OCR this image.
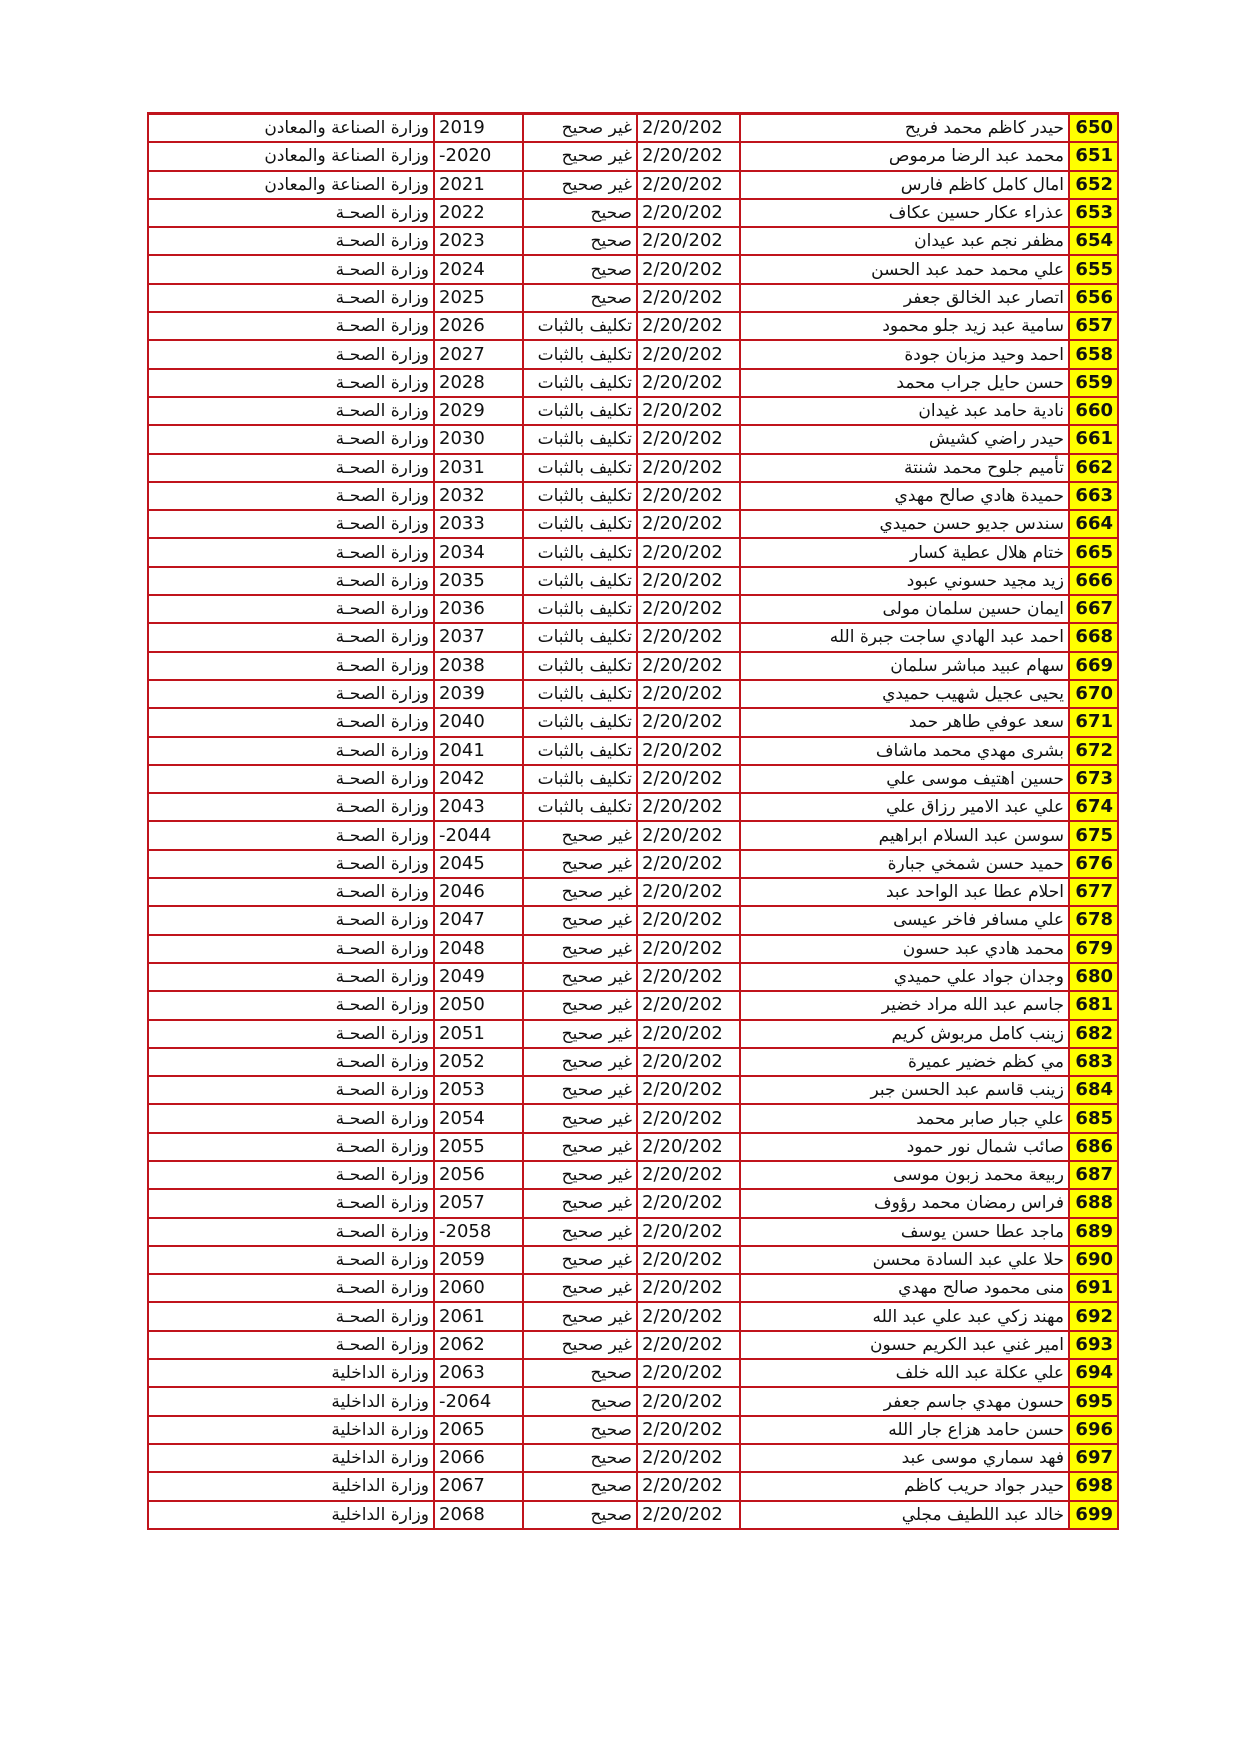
وزارة الصناعة والمعادن	2019	غير صحيح	2/20/202	حيدر كاظم محمد فريح	650
وزارة الصناعة والمعادن	-2020	غير صحيح	2/20/202	محمد عبد الرضا مرموص	651
وزارة الصناعة والمعادن	2021	غير صحيح	2/20/202	امال كامل كاظم فارس	652
وزارة الصحـة	2022	صحيح	2/20/202	عذراء عكار حسين عكاف	653
وزارة الصحـة	2023	صحيح	2/20/202	مظفر نجم عبد عيدان	654
وزارة الصحـة	2024	صحيح	2/20/202	علي محمد حمد عبد الحسن	655
وزارة الصحـة	2025	صحيح	2/20/202	اتصار عبد الخالق جعفر	656
وزارة الصحـة	2026	تكليف بالثبات	2/20/202	سامية عبد زيد جلو محمود	657
وزارة الصحـة	2027	تكليف بالثبات	2/20/202	احمد وحيد مزبان جودة	658
وزارة الصحـة	2028	تكليف بالثبات	2/20/202	حسن حايل جراب محمد	659
وزارة الصحـة	2029	تكليف بالثبات	2/20/202	نادية حامد عبد غيدان	660
وزارة الصحـة	2030	تكليف بالثبات	2/20/202	حيدر راضي كشيش	661
وزارة الصحـة	2031	تكليف بالثبات	2/20/202	تأميم جلوح محمد شنتة	662
وزارة الصحـة	2032	تكليف بالثبات	2/20/202	حميدة هادي صالح مهدي	663
وزارة الصحـة	2033	تكليف بالثبات	2/20/202	سندس جديو حسن حميدي	664
وزارة الصحـة	2034	تكليف بالثبات	2/20/202	ختام هلال عطية كسار	665
وزارة الصحـة	2035	تكليف بالثبات	2/20/202	زيد مجيد حسوني عبود	666
وزارة الصحـة	2036	تكليف بالثبات	2/20/202	ايمان حسين سلمان مولى	667
وزارة الصحـة	2037	تكليف بالثبات	2/20/202	احمد عبد الهادي ساجت جبرة الله	668
وزارة الصحـة	2038	تكليف بالثبات	2/20/202	سهام عبيد مباشر سلمان	669
وزارة الصحـة	2039	تكليف بالثبات	2/20/202	يحيى عجيل شهيب حميدي	670
وزارة الصحـة	2040	تكليف بالثبات	2/20/202	سعد عوفي طاهر حمد	671
وزارة الصحـة	2041	تكليف بالثبات	2/20/202	بشرى مهدي محمد ماشاف	672
وزارة الصحـة	2042	تكليف بالثبات	2/20/202	حسين اهتيف موسى علي	673
وزارة الصحـة	2043	تكليف بالثبات	2/20/202	علي عبد الامير رزاق علي	674
وزارة الصحـة	-2044	غير صحيح	2/20/202	سوسن عبد السلام ابراهيم	675
وزارة الصحـة	2045	غير صحيح	2/20/202	حميد حسن شمخي جبارة	676
وزارة الصحـة	2046	غير صحيح	2/20/202	احلام عطا عبد الواحد عبد	677
وزارة الصحـة	2047	غير صحيح	2/20/202	علي مسافر فاخر عيسى	678
وزارة الصحـة	2048	غير صحيح	2/20/202	محمد هادي عبد حسون	679
وزارة الصحـة	2049	غير صحيح	2/20/202	وجدان جواد علي حميدي	680
وزارة الصحـة	2050	غير صحيح	2/20/202	جاسم عبد الله مراد خضير	681
وزارة الصحـة	2051	غير صحيح	2/20/202	زينب كامل مربوش كريم	682
وزارة الصحـة	2052	غير صحيح	2/20/202	مي كظم خضير عميرة	683
وزارة الصحـة	2053	غير صحيح	2/20/202	زينب قاسم عبد الحسن جبر	684
وزارة الصحـة	2054	غير صحيح	2/20/202	علي جبار صابر محمد	685
وزارة الصحـة	2055	غير صحيح	2/20/202	صائب شمال نور حمود	686
وزارة الصحـة	2056	غير صحيح	2/20/202	ربيعة محمد زبون موسى	687
وزارة الصحـة	2057	غير صحيح	2/20/202	فراس رمضان محمد رؤوف	688
وزارة الصحـة	-2058	غير صحيح	2/20/202	ماجد عطا حسن يوسف	689
وزارة الصحـة	2059	غير صحيح	2/20/202	حلا علي عبد السادة محسن	690
وزارة الصحـة	2060	غير صحيح	2/20/202	منى محمود صالح مهدي	691
وزارة الصحـة	2061	غير صحيح	2/20/202	مهند زكي عبد علي عبد الله	692
وزارة الصحـة	2062	غير صحيح	2/20/202	امير غني عبد الكريم حسون	693
وزارة الداخلية	2063	صحيح	2/20/202	علي عكلة عبد الله خلف	694
وزارة الداخلية	-2064	صحيح	2/20/202	حسون مهدي جاسم جعفر	695
وزارة الداخلية	2065	صحيح	2/20/202	حسن حامد هزاع جار الله	696
وزارة الداخلية	2066	صحيح	2/20/202	فهد سماري موسى عبد	697
وزارة الداخلية	2067	صحيح	2/20/202	حيدر جواد حريب كاظم	698
وزارة الداخلية	2068	صحيح	2/20/202	خالد عبد اللطيف مجلي	699
